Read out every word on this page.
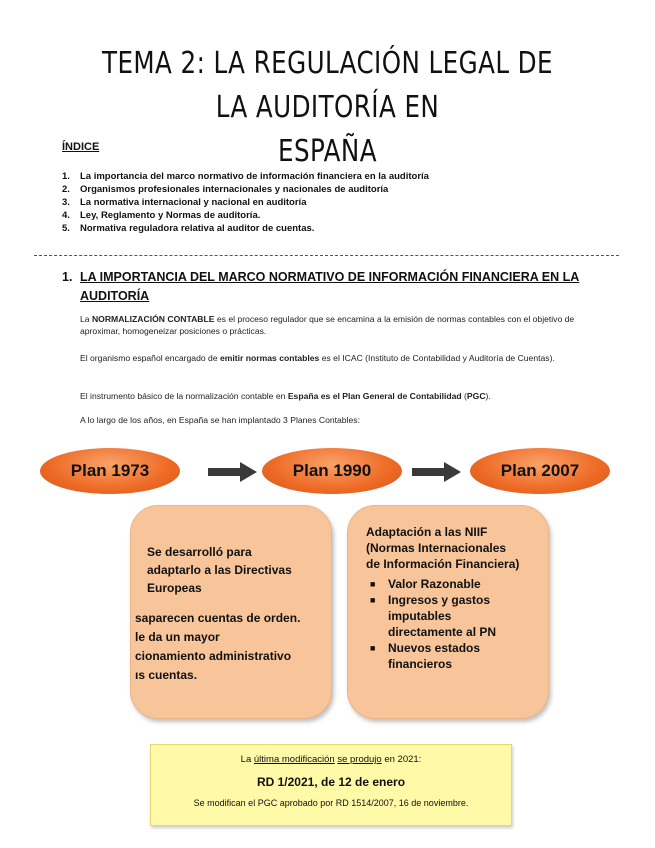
TEMA 2: LA REGULACIÓN LEGAL DE LA AUDITORÍA EN
ESPAÑA
ÍNDICE
1. La importancia del marco normativo de información financiera en la auditoría
2. Organismos profesionales internacionales y nacionales de auditoría
3. La normativa internacional y nacional en auditoría
4. Ley, Reglamento y Normas de auditoría.
5. Normativa reguladora relativa al auditor de cuentas.
1. LA IMPORTANCIA DEL MARCO NORMATIVO DE INFORMACIÓN FINANCIERA EN LA AUDITORÍA
La NORMALIZACIÓN CONTABLE es el proceso regulador que se encamina a la emisión de normas contables con el objetivo de aproximar, homogeneizar posiciones o prácticas.
El organismo español encargado de emitir normas contables es el ICAC (Instituto de Contabilidad y Auditoría de Cuentas).
El instrumento básico de la normalización contable en España es el Plan General de Contabilidad (PGC).
A lo largo de los años, en España se han implantado 3 Planes Contables:
Plan 1973	Plan 1990	Plan 2007
Se desarrolló para
adaptarlo a las Directivas
Europeas
saparecen cuentas de orden.
le da un mayor
cionamiento administrativo
ıs cuentas.
Adaptación a las NIIF
(Normas Internacionales
de Información Financiera)
■ Valor Razonable
■ Ingresos y gastos
imputables
directamente al PN
■ Nuevos estados
financieros
La última modificación se produjo en 2021:
RD 1/2021, de 12 de enero
Se modifican el PGC aprobado por RD 1514/2007, 16 de noviembre.
